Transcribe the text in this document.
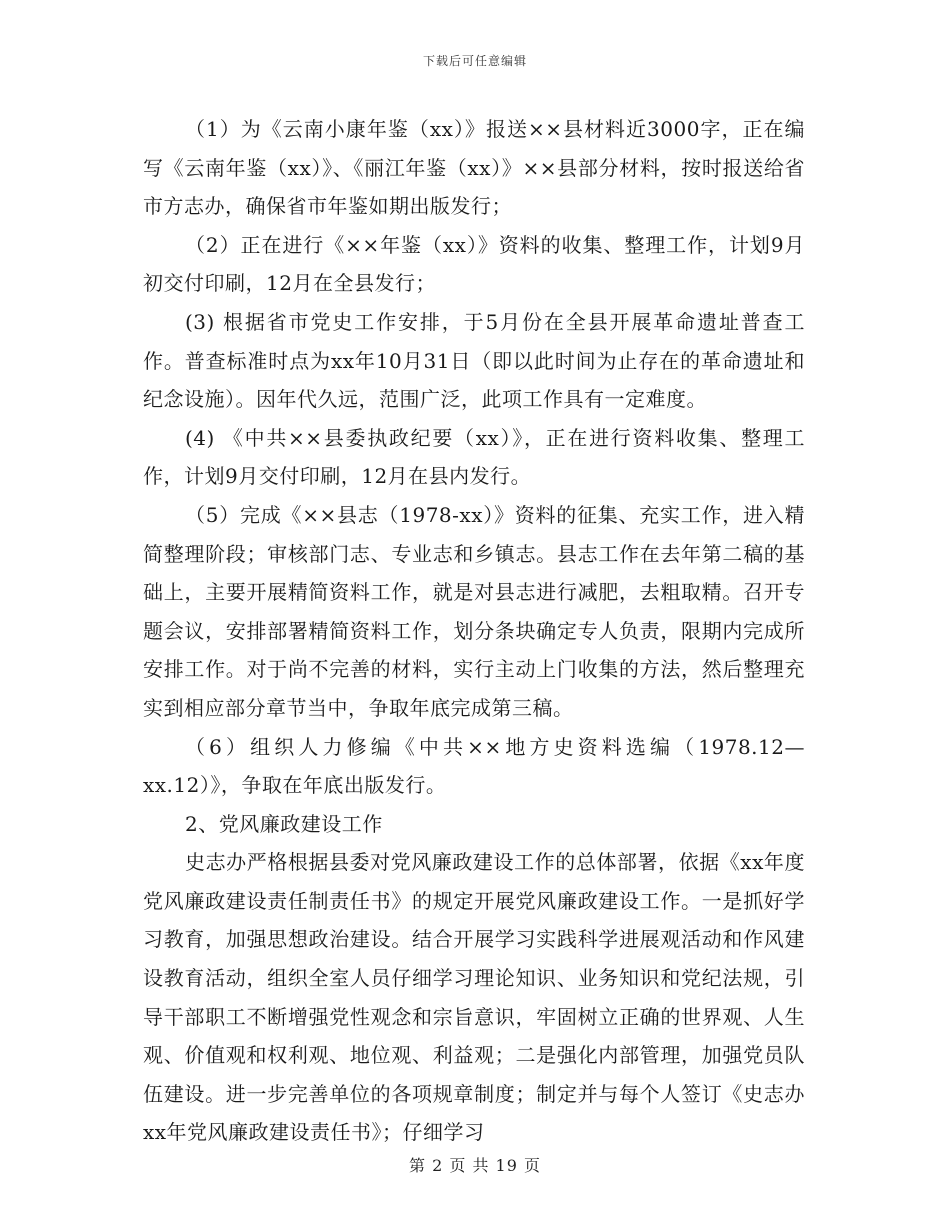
下载后可任意编辑

（1）为《云南小康年鉴（xx）》报送××县材料近3000字，正在编写《云南年鉴（xx）》、《丽江年鉴（xx）》××县部分材料，按时报送给省市方志办，确保省市年鉴如期出版发行；

（2）正在进行《××年鉴（xx）》资料的收集、整理工作，计划9月初交付印刷，12月在全县发行；

(3) 根据省市党史工作安排，于5月份在全县开展革命遗址普查工作。普查标准时点为xx年10月31日（即以此时间为止存在的革命遗址和纪念设施）。因年代久远，范围广泛，此项工作具有一定难度。

(4) 《中共××县委执政纪要（xx）》，正在进行资料收集、整理工作，计划9月交付印刷，12月在县内发行。

（5）完成《××县志（1978-xx）》资料的征集、充实工作，进入精简整理阶段；审核部门志、专业志和乡镇志。县志工作在去年第二稿的基础上，主要开展精简资料工作，就是对县志进行减肥，去粗取精。召开专题会议，安排部署精简资料工作，划分条块确定专人负责，限期内完成所安排工作。对于尚不完善的材料，实行主动上门收集的方法，然后整理充实到相应部分章节当中，争取年底完成第三稿。

（6）组织人力修编《中共××地方史资料选编（1978.12—xx.12）》，争取在年底出版发行。

2、党风廉政建设工作

史志办严格根据县委对党风廉政建设工作的总体部署，依据《xx年度党风廉政建设责任制责任书》的规定开展党风廉政建设工作。一是抓好学习教育，加强思想政治建设。结合开展学习实践科学进展观活动和作风建设教育活动，组织全室人员仔细学习理论知识、业务知识和党纪法规，引导干部职工不断增强党性观念和宗旨意识，牢固树立正确的世界观、人生观、价值观和权利观、地位观、利益观；二是强化内部管理，加强党员队伍建设。进一步完善单位的各项规章制度；制定并与每个人签订《史志办xx年党风廉政建设责任书》；仔细学习

第 2 页 共 19 页
